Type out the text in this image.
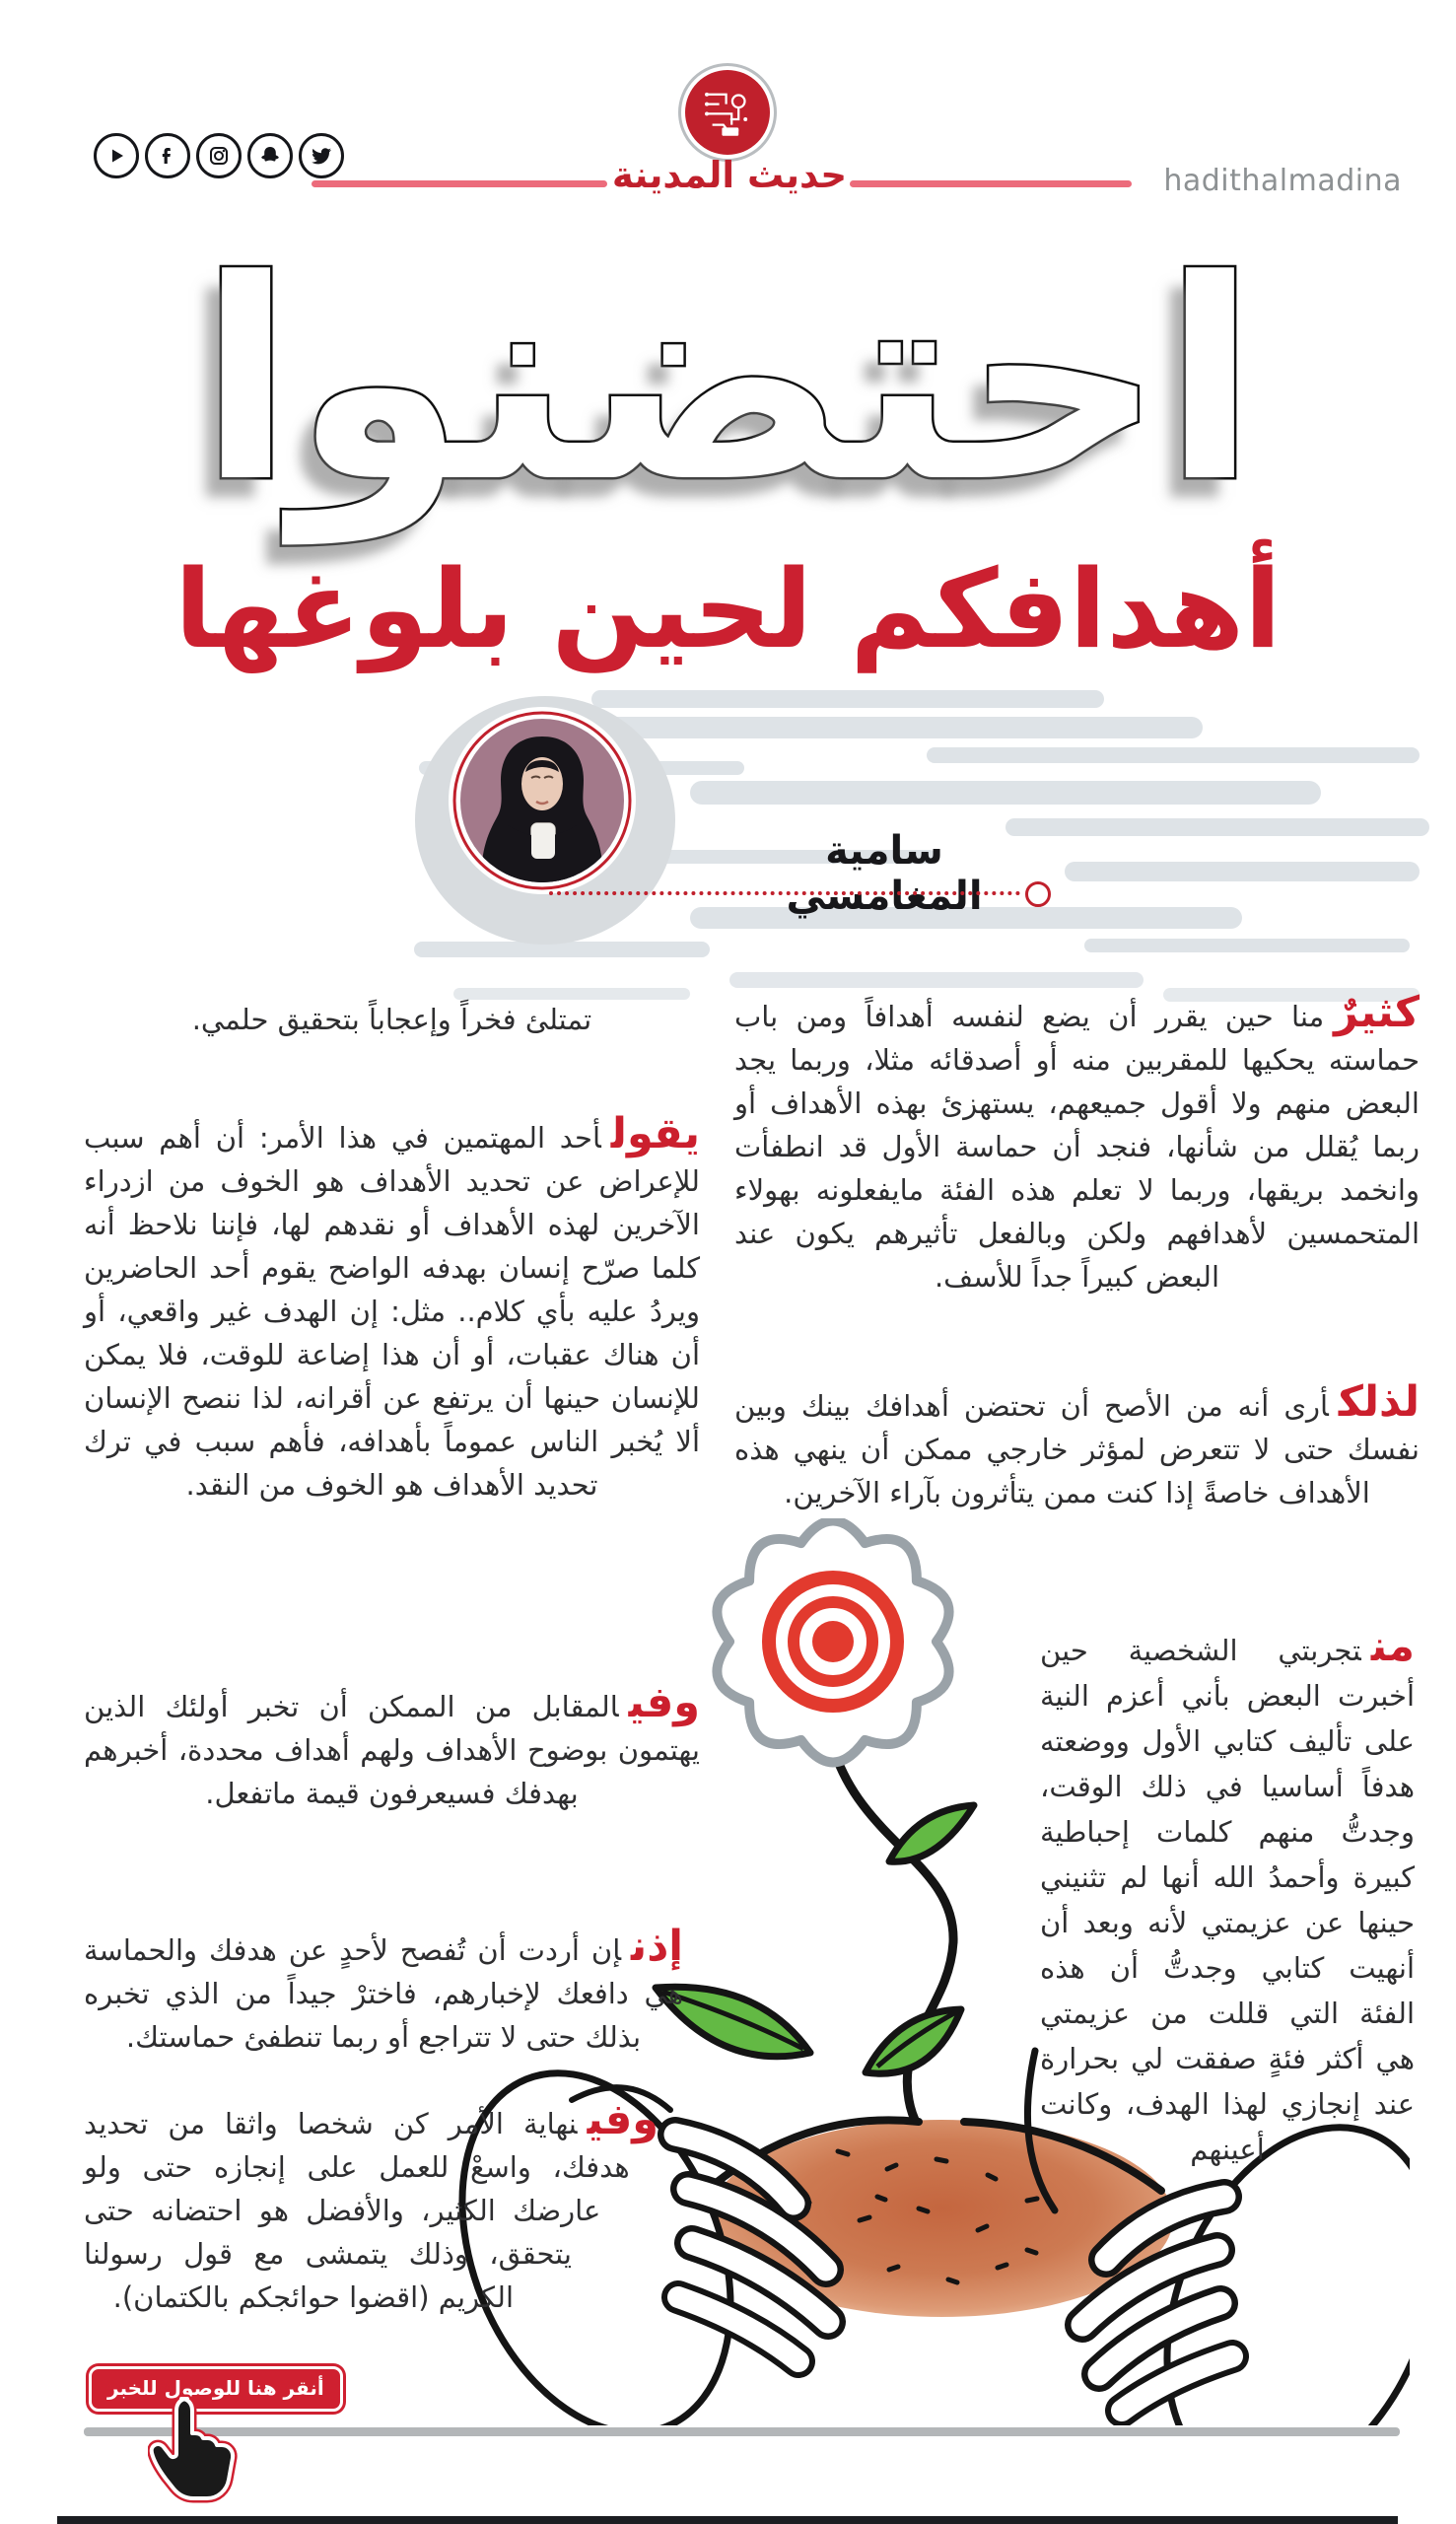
حديث المدينة	hadithalmadina
احتضنوا
أهدافكم لحين بلوغها
سامية المغامسي

كثيرٌمنا حين يقرر أن يضع لنفسه أهدافاً ومن باب حماسته يحكيها للمقربين منه أو أصدقائه مثلا، وربما يجد البعض منهم ولا أقول جميعهم، يستهزئ بهذه الأهداف أو ربما يُقلل من شأنها، فنجد أن حماسة الأول قد انطفأت وانخمد بريقها، وربما لا تعلم هذه الفئة مايفعلونه بهولاء المتحمسين لأهدافهم ولكن وبالفعل تأثيرهم يكون عند البعض كبيراً جداً للأسف.

لذلكأرى أنه من الأصح أن تحتضن أهدافك بينك وبين نفسك حتى لا تتعرض لمؤثر خارجي ممكن أن ينهي هذه الأهداف خاصةً إذا كنت ممن يتأثرون بآراء الآخرين.

منتجربتي الشخصية حين أخبرت البعض بأني أعزم النية على تأليف كتابي الأول ووضعته هدفاً أساسيا في ذلك الوقت، وجدتُّ منهم كلمات إحباطية كبيرة وأحمدُ الله أنها لم تثنيني حينها عن عزيمتي لأنه وبعد أن أنهيت كتابي وجدتُّ أن هذه الفئة التي قللت من عزيمتي هي أكثر فئةٍ صفقت لي بحرارة عند إنجازي لهذا الهدف، وكانت أعينهم

تمتلئ فخراً وإعجاباً بتحقيق حلمي.

يقولأحد المهتمين في هذا الأمر: أن أهم سبب للإعراض عن تحديد الأهداف هو الخوف من ازدراء الآخرين لهذه الأهداف أو نقدهم لها، فإننا نلاحظ أنه كلما صرّح إنسان بهدفه الواضح يقوم أحد الحاضرين ويردُ عليه بأي كلام.. مثل: إن الهدف غير واقعي، أو أن هناك عقبات، أو أن هذا إضاعة للوقت، فلا يمكن للإنسان حينها أن يرتفع عن أقرانه، لذا ننصح الإنسان ألا يُخبر الناس عموماً بأهدافه، فأهم سبب في ترك تحديد الأهداف هو الخوف من النقد.

وفيالمقابل من الممكن أن تخبر أولئك الذين يهتمون بوضوح الأهداف ولهم أهداف محددة، أخبرهم بهدفك فسيعرفون قيمة ماتفعل.

إذنإن أردت أن تُفصح لأحدٍ عن هدفك والحماسة هي دافعك لإخبارهم، فاخترْ جيداً من الذي تخبره بذلك حتى لا تتراجع أو ربما تنطفئ حماستك.

وفينهاية الأمر كن شخصا واثقا من تحديد هدفك، واسعْ للعمل على إنجازه حتى ولو عارضك الكثير، والأفضل هو احتضانه حتى يتحقق، وذلك يتمشى مع قول رسولنا الكريم (اقضوا حوائجكم بالكتمان).
أنقر هنا للوصول للخبر
